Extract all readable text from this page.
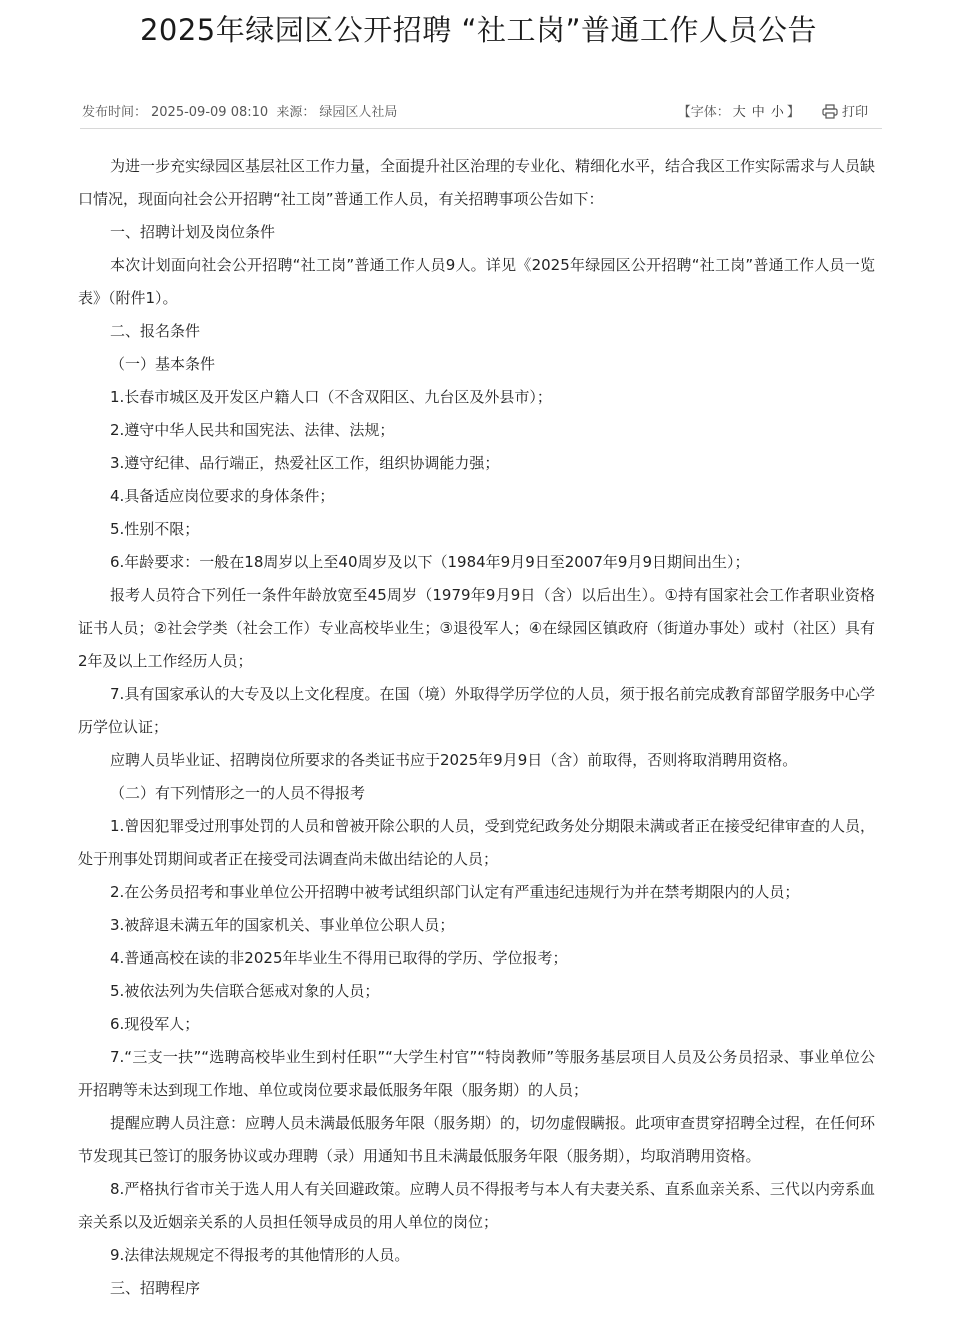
2025年绿园区公开招聘 “社工岗”普通工作人员公告
发布时间： 2025-09-09 08:10 来源： 绿园区人社局	【字体： 大 中 小 】	打印

为进一步充实绿园区基层社区工作力量，全面提升社区治理的专业化、精细化水平，结合我区工作实际需求与人员缺口情况，现面向社会公开招聘“社工岗”普通工作人员，有关招聘事项公告如下：

一、招聘计划及岗位条件

本次计划面向社会公开招聘“社工岗”普通工作人员9人。详见《2025年绿园区公开招聘“社工岗”普通工作人员一览表》（附件1）。

二、报名条件

（一）基本条件

1.长春市城区及开发区户籍人口（不含双阳区、九台区及外县市）；

2.遵守中华人民共和国宪法、法律、法规；

3.遵守纪律、品行端正，热爱社区工作，组织协调能力强；

4.具备适应岗位要求的身体条件；

5.性别不限；

6.年龄要求：一般在18周岁以上至40周岁及以下（1984年9月9日至2007年9月9日期间出生）；

报考人员符合下列任一条件年龄放宽至45周岁（1979年9月9日（含）以后出生）。①持有国家社会工作者职业资格证书人员；②社会学类（社会工作）专业高校毕业生；③退役军人；④在绿园区镇政府（街道办事处）或村（社区）具有2年及以上工作经历人员；

7.具有国家承认的大专及以上文化程度。在国（境）外取得学历学位的人员，须于报名前完成教育部留学服务中心学历学位认证；

应聘人员毕业证、招聘岗位所要求的各类证书应于2025年9月9日（含）前取得，否则将取消聘用资格。

（二）有下列情形之一的人员不得报考

1.曾因犯罪受过刑事处罚的人员和曾被开除公职的人员，受到党纪政务处分期限未满或者正在接受纪律审查的人员，处于刑事处罚期间或者正在接受司法调查尚未做出结论的人员；

2.在公务员招考和事业单位公开招聘中被考试组织部门认定有严重违纪违规行为并在禁考期限内的人员；

3.被辞退未满五年的国家机关、事业单位公职人员；

4.普通高校在读的非2025年毕业生不得用已取得的学历、学位报考；

5.被依法列为失信联合惩戒对象的人员；

6.现役军人；

7.“三支一扶”“选聘高校毕业生到村任职”“大学生村官”“特岗教师”等服务基层项目人员及公务员招录、事业单位公开招聘等未达到现工作地、单位或岗位要求最低服务年限（服务期）的人员；

提醒应聘人员注意：应聘人员未满最低服务年限（服务期）的，切勿虚假瞒报。此项审查贯穿招聘全过程，在任何环节发现其已签订的服务协议或办理聘（录）用通知书且未满最低服务年限（服务期），均取消聘用资格。

8.严格执行省市关于选人用人有关回避政策。应聘人员不得报考与本人有夫妻关系、直系血亲关系、三代以内旁系血亲关系以及近姻亲关系的人员担任领导成员的用人单位的岗位；

9.法律法规规定不得报考的其他情形的人员。

三、招聘程序
